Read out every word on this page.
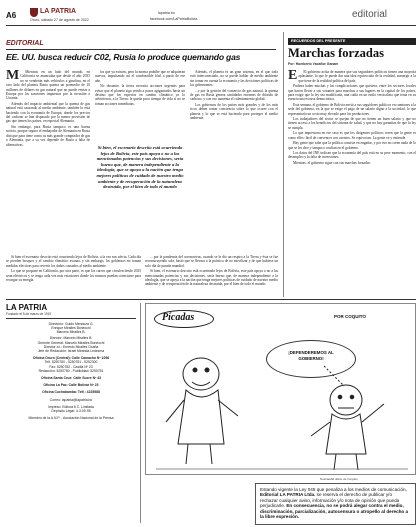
A6	LA PATRIA
Oruro, sábado 27 de agosto de 2022
lapatria.bo
facebook.com/LaPatriaBolivia	editorial
EDITORIAL
EE. UU. busca reducir C02, Rusia lo produce quemando gas
M	Mientras en un lado del mundo, en California se anunciaba que desde el año 2035 no se venderán más vehículos a gasolina, en el otro lado del planeta Rusia quema un promedio de 10 millones de dólares en gas natural que no puede enviar a Europa por las sanciones impuestas por la invasión a Ucrania.

Además del impacto ambiental que la quema de gas natural está causando al medio ambiente, también lo está haciendo con la economía de Europa, donde los precios del carbono se han disparado por la menor provisión de gas que tienen los países, en especial Alemania.

Sin embargo, para Rusia tampoco es una buena noticia, porque seguro el embajador de Alemania en Rusia dirá que para tiene como su más grande comprador de gas a Alemania, que a su vez depende de Rusia a falta de alternativas.

los que ya existen, pero la norma prohíbe que se adquieran nuevos, impulsando así el combustible fósil a partir de ese año.

No obstante, la tierra necesita acciones urgentes para evitar que el planeta siga yendo a pasos agigantados hacia un destino que los expertos en cambio climático ya lo advirtieron, a la Tierra: le queda poco tiempo de vida si no se toman acciones inmediatas.

Además, el planeta es un gran sistema, en el que todo está interconectado, no se puede hablar de medio ambiente sin tomar en cuenta la economía y las decisiones políticas de los gobernantes.

...y por la gestión del comercio de gas natural, la quema de gas en Rusia genera cantidades enormes de dióxido de carbono, y con eso aumenta el calentamiento global.

Los gobiernos de los países más grandes y de los más ricos deben tomar conciencia sobre lo que ocurre con el planeta y lo que se está haciendo para proteger el medio ambiente.

Si bien, el escenario descrito está ocurriendo lejos de Bolivia, este país apoya o no a las mencionadas potencias y sus decisiones, sería bueno que, de manera independiente a la ideología, que se apoya a la nación que tenga mejores políticas de cuidado de nuestro medio ambiente y de recuperación de la naturaleza destruida, por el bien de todo el mundo

Si bien el escenario descrito está ocurriendo lejos de Bolivia, a la vez nos afecta. Cada día se pierden bosques y el cambio climático avanza, y sin embargo, los gobiernos no toman medidas efectivas para revertir los daños causados al medio ambiente.

Lo que se propone en California, por otra parte, es que los carros que circulen desde 2035 sean eléctricos y se tenga cada vez más estaciones donde los mismos puedan conectarse para recargar su energía.

... por la pandemia del coronavirus, cuando se le dio un respiro a la Tierra y ésta se fue reconstruyendo sola, bastó que se llevara a la práctica de no movilizar y de que hubiese un solo día de parada mundial.

Si bien, el escenario descrito está ocurriendo lejos de Bolivia, este país apoya o no a las mencionadas potencias y sus decisiones, sería bueno que, de manera independiente a la ideología, que se apoya a la nación que tenga mejores políticas de cuidado de nuestro medio ambiente y de recuperación de la naturaleza destruida, por el bien de todo el mundo.

RECUERDOS DEL PRESENTE
Marchas forzadas
Por: Humberto Vacaflor Ganam
E	El gobierno actúa de manera que sus seguidores políticos tienen una mayoría aplastante, lo que le puede dar una idea equivocada de la realidad, sumergir a la que tiene de la realidad política del país.

Pudiera haber muchas y las complicaciones que quisiera, entre los sectores locales que hacen llevar a sus votantes para marchas a sus lugares en la capital de los países, para exigir que la ley sea modificada, una caída en un estilo verticalista que tenía en su esencia una excusa democrática.

Esta semana, el gobierno de Bolivia envió a sus seguidores políticos en camiones a la sede del gobierno, en la que se exige el pago de un salario digno a la sociedad, lo que representaría un costo muy elevado para los productores.

Los trabajadores del sector se quejan de que no tienen un buen salario y que no tienen acceso a los beneficios del sistema de salud, y que no hay garantías de que la ley se cumpla.

Lo que impresiona en ese caso es que los dirigentes políticos creen que la gente es como ellos: fácil de convencer con cuentos. Se equivocan. La gente ve y entiende.

Hay gente que sabe que la política consiste en engañar, y por eso no creen nada de lo que se les dice y tampoco confían en el gobierno.

Los datos del INE indican que la economía del país está en su peor momento, con el desempleo y la falta de inversiones.

Mientras, el gobierno sigue con sus marchas forzadas.

LA PATRIA
Fundado el 5 de marzo de 1919
Directorio: Guido Mendoza G.
Enrique Miralles Bonecchi
Marcelo Miralles B.
Director: Marcelo Miralles B.
Gerente General: Marcelo Miralles Bonecchi
Director a.i.: Ernesto Miralles Ocaña
Jefe de Redacción: Israel Miranda Ledezma
Oficina Oruro (Central): Calle Camacho Nº 1096
Telf. 5250780 - 5250781 - 5252300
Fax: 5250782 - Casilla Nº 23
Redacción: 5250780 - Publicidad: 5250781
Oficina Santa Cruz: Calle Sucre Nº 43
Oficina La Paz: Calle Bolívar Nº 23
Oficina Cochabamba: Telf.: 4225588
Correo: lapatria@lapatria.bo
Impreso: Editora 6 C. Limitada
Depósito Legal: 4-3-09-95
Miembro de la A.N.P. - Asociación Nacional de la Prensa
Pícadas	POR COQUITO
¡DEFENDEREMOS AL GOBIERNO!
Noticias/El diario de Coquito
Estando vigente la Ley 045 que penaliza a los medios de comunicación, Editorial LA PATRIA Ltda. se reserva el derecho de publicar y/o rechazar cualquier aviso, información y/o nota de opinión que pueda perjudicarle. En consecuencia, no se podrá alegar contra el medio, discriminación, parcialización, autocensura o atropello al derecho a la libre expresión.
